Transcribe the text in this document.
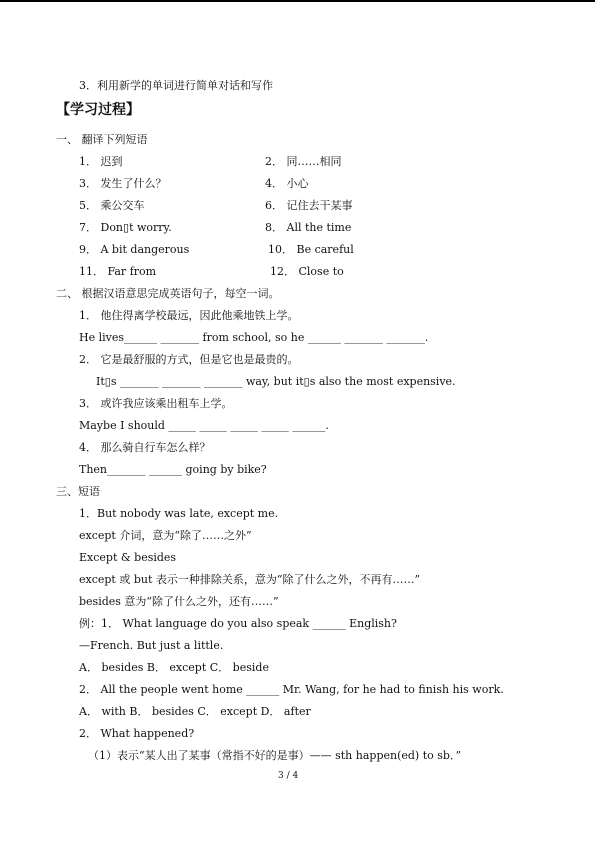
3．利用新学的单词进行简单对话和写作
【学习过程】
一、 翻译下列短语
1． 迟到	2． 同……相同
3． 发生了什么？	4． 小心
5． 乘公交车	6． 记住去干某事
7． Don▯t worry.	8． All the time
9． A bit dangerous	10． Be careful
11． Far from	12． Close to
二、 根据汉语意思完成英语句子，每空一词。
1． 他住得离学校最远，因此他乘地铁上学。
He lives______ _______ from school, so he ______ _______ _______.
2． 它是最舒服的方式，但是它也是最贵的。
It▯s _______ _______ _______ way, but it▯s also the most expensive.
3． 或许我应该乘出租车上学。
Maybe I should _____ _____ _____ _____ ______.
4． 那么骑自行车怎么样？
Then_______ ______ going by bike?
三、短语
1．But nobody was late, except me.
except 介词，意为“除了……之外”
Except & besides
except 或 but 表示一种排除关系，意为“除了什么之外，不再有……”
besides 意为“除了什么之外，还有……”
例：1． What language do you also speak ______ English?
—French. But just a little.
A． besides B． except C． beside
2． All the people went home ______ Mr. Wang, for he had to finish his work.
A． with B． besides C． except D． after
2． What happened?
（1）表示“某人出了某事（常指不好的是事）—— sth happen(ed) to sb．”
3 / 4
